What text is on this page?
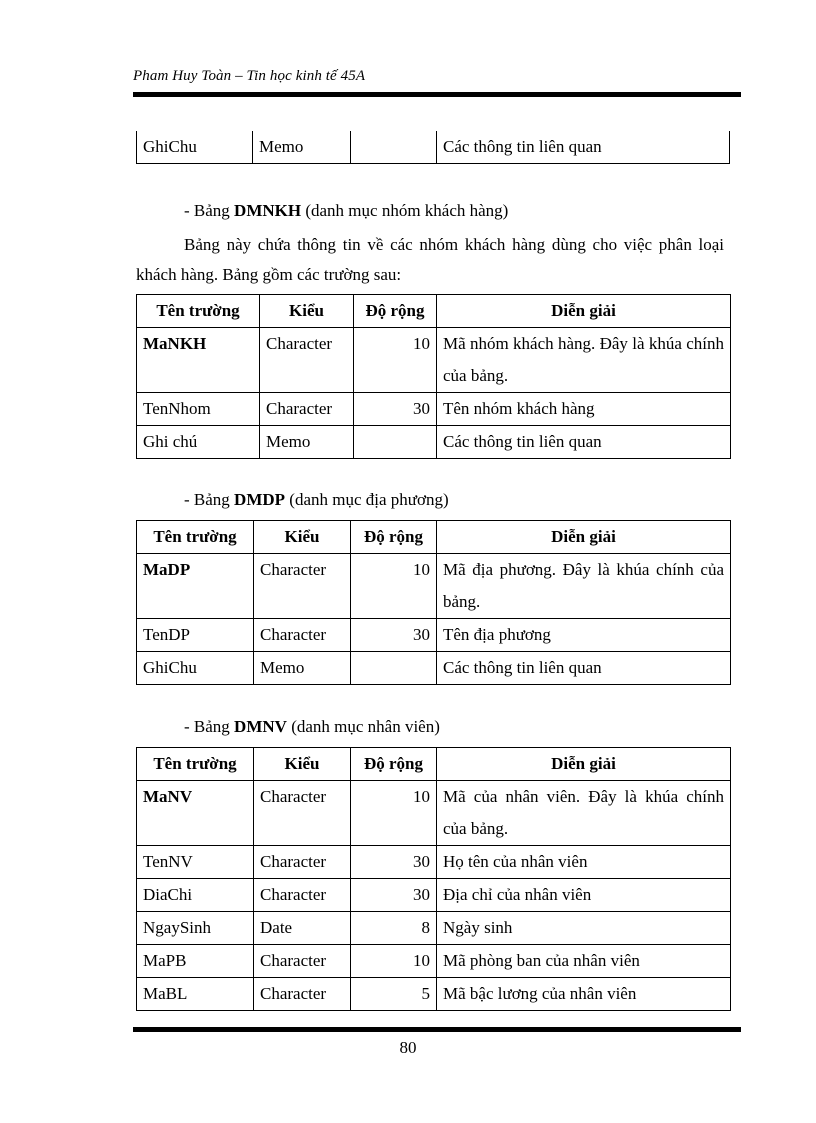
Pham Huy Toàn – Tin học kinh tế 45A
GhiChu	Memo		Các thông tin liên quan
- Bảng DMNKH (danh mục nhóm khách hàng)
Bảng này chứa thông tin về các nhóm khách hàng dùng cho việc phân loại khách hàng. Bảng gồm các trường sau:
Tên trường	Kiểu	Độ rộng	Diễn giải
MaNKH	Character	10	Mã nhóm khách hàng. Đây là khúa chính của bảng.
TenNhom	Character	30	Tên nhóm khách hàng
Ghi chú	Memo		Các thông tin liên quan
- Bảng DMDP (danh mục địa phương)
Tên trường	Kiểu	Độ rộng	Diễn giải
MaDP	Character	10	Mã địa phương. Đây là khúa chính của bảng.
TenDP	Character	30	Tên địa phương
GhiChu	Memo		Các thông tin liên quan
- Bảng DMNV (danh mục nhân viên)
Tên trường	Kiểu	Độ rộng	Diễn giải
MaNV	Character	10	Mã của nhân viên. Đây là khúa chính của bảng.
TenNV	Character	30	Họ tên của nhân viên
DiaChi	Character	30	Địa chỉ của nhân viên
NgaySinh	Date	8	Ngày sinh
MaPB	Character	10	Mã phòng ban của nhân viên
MaBL	Character	5	Mã bậc lương của nhân viên
80
